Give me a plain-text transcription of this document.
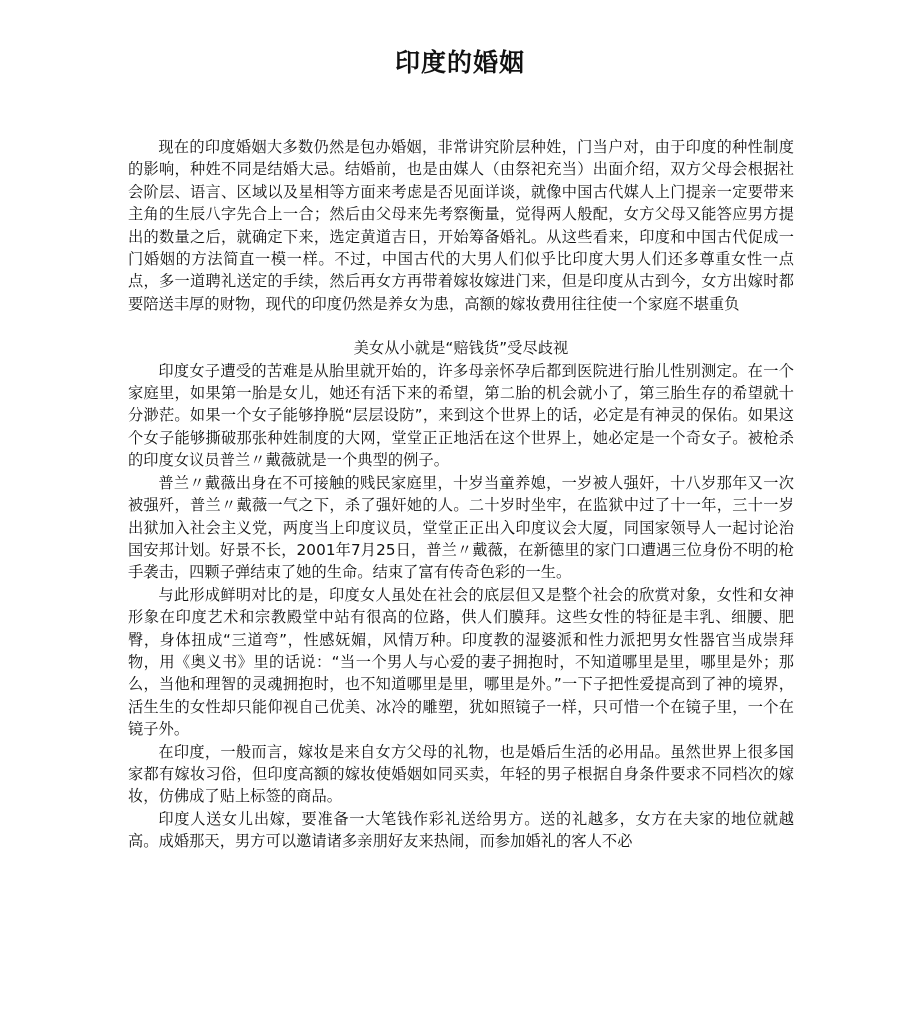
印度的婚姻

现在的印度婚姻大多数仍然是包办婚姻，非常讲究阶层种姓，门当户对，由于印度的种性制度的影响，种姓不同是结婚大忌。结婚前，也是由媒人（由祭祀充当）出面介绍，双方父母会根据社会阶层、语言、区域以及星相等方面来考虑是否见面详谈，就像中国古代媒人上门提亲一定要带来主角的生辰八字先合上一合；然后由父母来先考察衡量，觉得两人般配，女方父母又能答应男方提出的数量之后，就确定下来，选定黄道吉日，开始筹备婚礼。从这些看来，印度和中国古代促成一门婚姻的方法简直一模一样。不过，中国古代的大男人们似乎比印度大男人们还多尊重女性一点点，多一道聘礼送定的手续，然后再女方再带着嫁妆嫁进门来，但是印度从古到今，女方出嫁时都要陪送丰厚的财物，现代的印度仍然是养女为患，高额的嫁妆费用往往使一个家庭不堪重负

美女从小就是“赔钱货”受尽歧视

印度女子遭受的苦难是从胎里就开始的，许多母亲怀孕后都到医院进行胎儿性别测定。在一个家庭里，如果第一胎是女儿，她还有活下来的希望，第二胎的机会就小了，第三胎生存的希望就十分渺茫。如果一个女子能够挣脱“层层设防”，来到这个世界上的话，必定是有神灵的保佑。如果这个女子能够撕破那张种姓制度的大网，堂堂正正地活在这个世界上，她必定是一个奇女子。被枪杀的印度女议员普兰〃戴薇就是一个典型的例子。

普兰〃戴薇出身在不可接触的贱民家庭里，十岁当童养媳，一岁被人强奸，十八岁那年又一次被强歼，普兰〃戴薇一气之下，杀了强奸她的人。二十岁时坐牢，在监狱中过了十一年，三十一岁出狱加入社会主义党，两度当上印度议员，堂堂正正出入印度议会大厦，同国家领导人一起讨论治国安邦计划。好景不长，2001年7月25日，普兰〃戴薇，在新德里的家门口遭遇三位身份不明的枪手袭击，四颗子弹结束了她的生命。结束了富有传奇色彩的一生。

与此形成鲜明对比的是，印度女人虽处在社会的底层但又是整个社会的欣赏对象，女性和女神形象在印度艺术和宗教殿堂中站有很高的位路，供人们膜拜。这些女性的特征是丰乳、细腰、肥臀，身体扭成“三道弯”，性感妩媚，风情万种。印度教的湿婆派和性力派把男女性器官当成崇拜物，用《奥义书》里的话说：“当一个男人与心爱的妻子拥抱时，不知道哪里是里，哪里是外；那么，当他和理智的灵魂拥抱时，也不知道哪里是里，哪里是外。”一下子把性爱提高到了神的境界，活生生的女性却只能仰视自己优美、冰冷的雕塑，犹如照镜子一样，只可惜一个在镜子里，一个在镜子外。

在印度，一般而言，嫁妆是来自女方父母的礼物，也是婚后生活的必用品。虽然世界上很多国家都有嫁妆习俗，但印度高额的嫁妆使婚姻如同买卖，年轻的男子根据自身条件要求不同档次的嫁妆，仿佛成了贴上标签的商品。

印度人送女儿出嫁，要准备一大笔钱作彩礼送给男方。送的礼越多，女方在夫家的地位就越高。成婚那天，男方可以邀请诸多亲朋好友来热闹，而参加婚礼的客人不必
